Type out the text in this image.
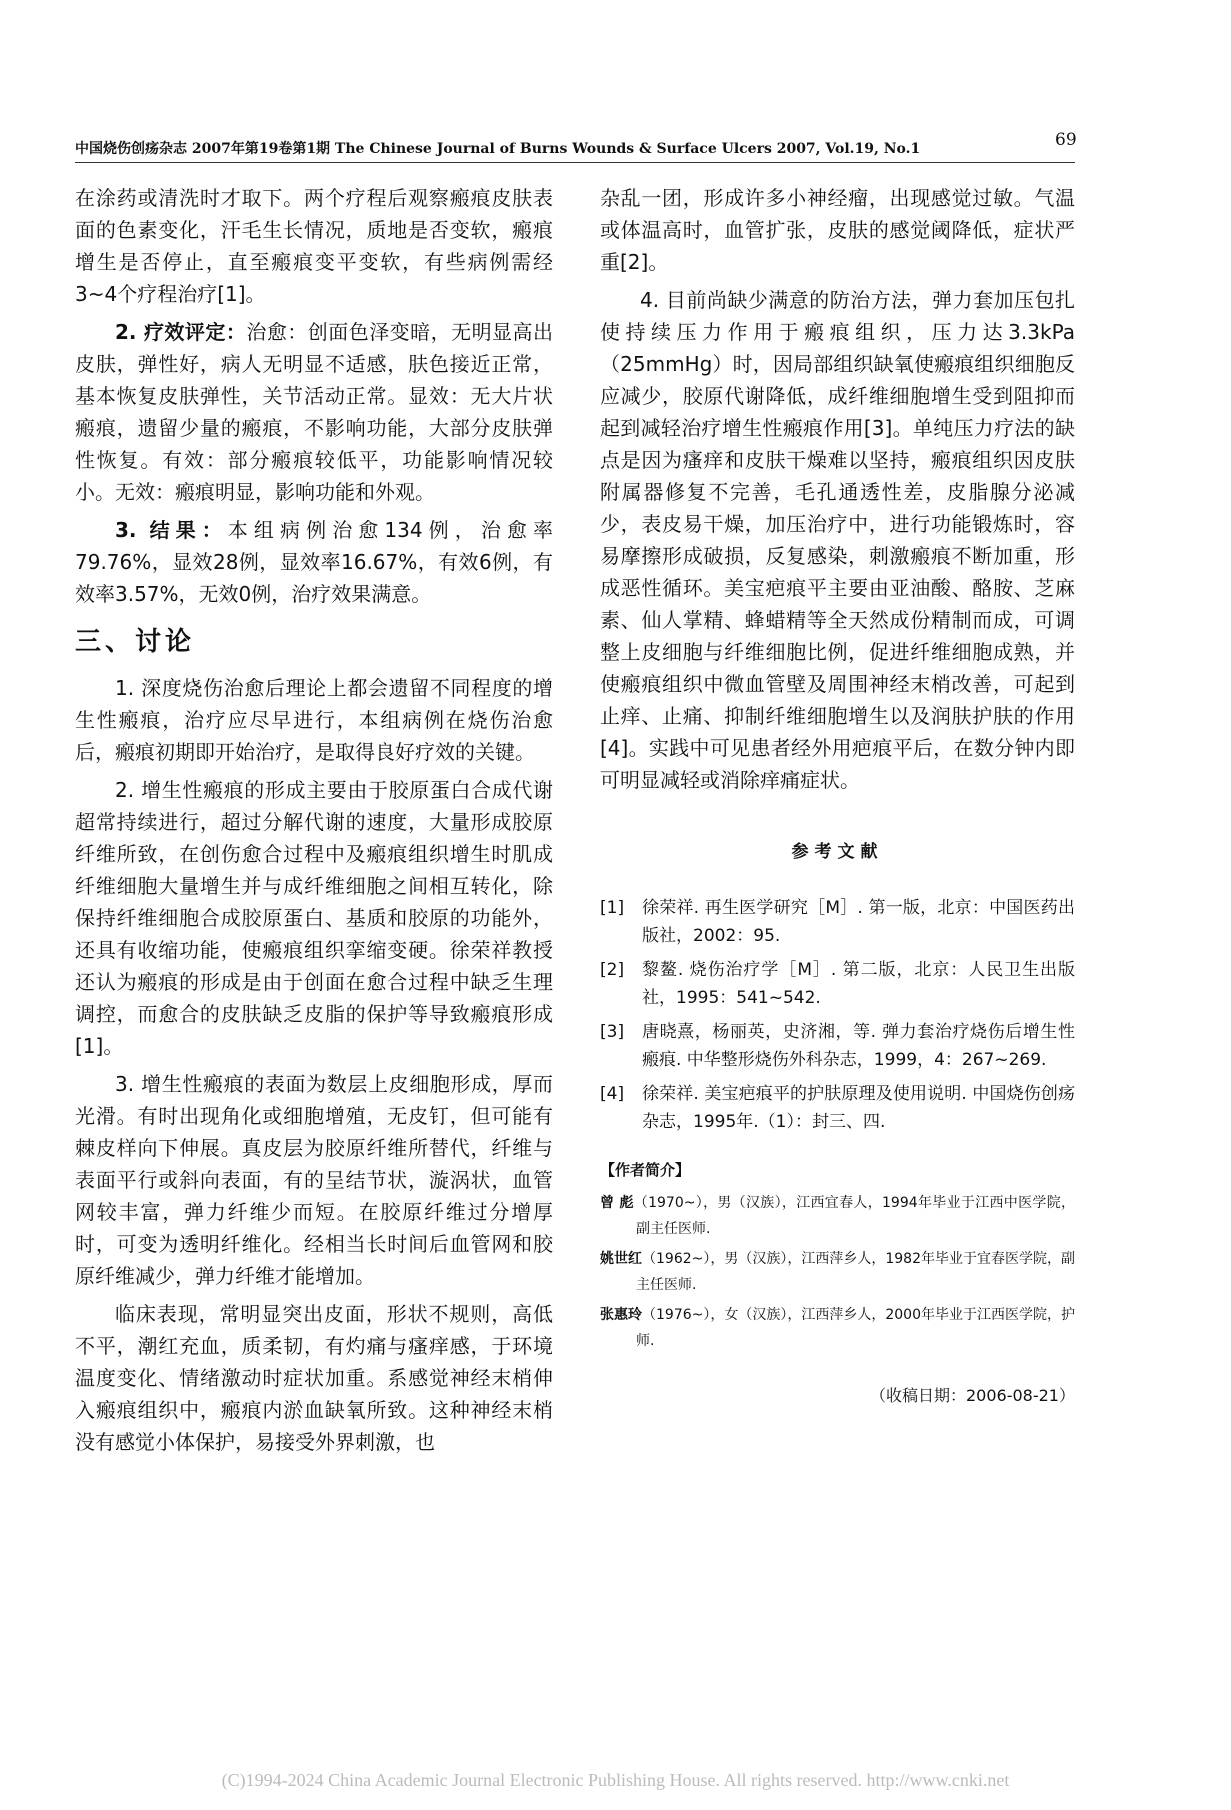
中国烧伤创疡杂志 2007年第19卷第1期 The Chinese Journal of Burns Wounds & Surface Ulcers 2007, Vol.19, No.1	69

在涂药或清洗时才取下。两个疗程后观察瘢痕皮肤表面的色素变化，汗毛生长情况，质地是否变软，瘢痕增生是否停止，直至瘢痕变平变软，有些病例需经3~4个疗程治疗[1]。

2. 疗效评定：治愈：创面色泽变暗，无明显高出皮肤，弹性好，病人无明显不适感，肤色接近正常，基本恢复皮肤弹性，关节活动正常。显效：无大片状瘢痕，遗留少量的瘢痕，不影响功能，大部分皮肤弹性恢复。有效：部分瘢痕较低平，功能影响情况较小。无效：瘢痕明显，影响功能和外观。

3. 结果：本组病例治愈134例，治愈率79.76%，显效28例，显效率16.67%，有效6例，有效率3.57%，无效0例，治疗效果满意。

三、讨论

1. 深度烧伤治愈后理论上都会遗留不同程度的增生性瘢痕，治疗应尽早进行，本组病例在烧伤治愈后，瘢痕初期即开始治疗，是取得良好疗效的关键。

2. 增生性瘢痕的形成主要由于胶原蛋白合成代谢超常持续进行，超过分解代谢的速度，大量形成胶原纤维所致，在创伤愈合过程中及瘢痕组织增生时肌成纤维细胞大量增生并与成纤维细胞之间相互转化，除保持纤维细胞合成胶原蛋白、基质和胶原的功能外，还具有收缩功能，使瘢痕组织挛缩变硬。徐荣祥教授还认为瘢痕的形成是由于创面在愈合过程中缺乏生理调控，而愈合的皮肤缺乏皮脂的保护等导致瘢痕形成[1]。

3. 增生性瘢痕的表面为数层上皮细胞形成，厚而光滑。有时出现角化或细胞增殖，无皮钉，但可能有棘皮样向下伸展。真皮层为胶原纤维所替代，纤维与表面平行或斜向表面，有的呈结节状，漩涡状，血管网较丰富，弹力纤维少而短。在胶原纤维过分增厚时，可变为透明纤维化。经相当长时间后血管网和胶原纤维减少，弹力纤维才能增加。

临床表现，常明显突出皮面，形状不规则，高低不平，潮红充血，质柔韧，有灼痛与瘙痒感，于环境温度变化、情绪激动时症状加重。系感觉神经末梢伸入瘢痕组织中，瘢痕内淤血缺氧所致。这种神经末梢没有感觉小体保护，易接受外界刺激，也

杂乱一团，形成许多小神经瘤，出现感觉过敏。气温或体温高时，血管扩张，皮肤的感觉阈降低，症状严重[2]。

4. 目前尚缺少满意的防治方法，弹力套加压包扎使持续压力作用于瘢痕组织，压力达3.3kPa（25mmHg）时，因局部组织缺氧使瘢痕组织细胞反应减少，胶原代谢降低，成纤维细胞增生受到阻抑而起到减轻治疗增生性瘢痕作用[3]。单纯压力疗法的缺点是因为瘙痒和皮肤干燥难以坚持，瘢痕组织因皮肤附属器修复不完善，毛孔通透性差，皮脂腺分泌减少，表皮易干燥，加压治疗中，进行功能锻炼时，容易摩擦形成破损，反复感染，刺激瘢痕不断加重，形成恶性循环。美宝疤痕平主要由亚油酸、酪胺、芝麻素、仙人掌精、蜂蜡精等全天然成份精制而成，可调整上皮细胞与纤维细胞比例，促进纤维细胞成熟，并使瘢痕组织中微血管壁及周围神经末梢改善，可起到止痒、止痛、抑制纤维细胞增生以及润肤护肤的作用[4]。实践中可见患者经外用疤痕平后，在数分钟内即可明显减轻或消除痒痛症状。

参考文献
[1]	徐荣祥. 再生医学研究［M］. 第一版，北京：中国医药出版社，2002：95.
[2]	黎鳌. 烧伤治疗学［M］. 第二版，北京：人民卫生出版社，1995：541~542.
[3]	唐晓熹，杨丽英，史济湘，等. 弹力套治疗烧伤后增生性瘢痕. 中华整形烧伤外科杂志，1999，4：267~269.
[4]	徐荣祥. 美宝疤痕平的护肤原理及使用说明. 中国烧伤创疡杂志，1995年.（1）：封三、四.
【作者简介】
曾 彪（1970~），男（汉族），江西宜春人，1994年毕业于江西中医学院，副主任医师.
姚世红（1962~），男（汉族），江西萍乡人，1982年毕业于宜春医学院，副主任医师.
张惠玲（1976~），女（汉族），江西萍乡人，2000年毕业于江西医学院，护师.
（收稿日期：2006-08-21）
(C)1994-2024 China Academic Journal Electronic Publishing House. All rights reserved. http://www.cnki.net
